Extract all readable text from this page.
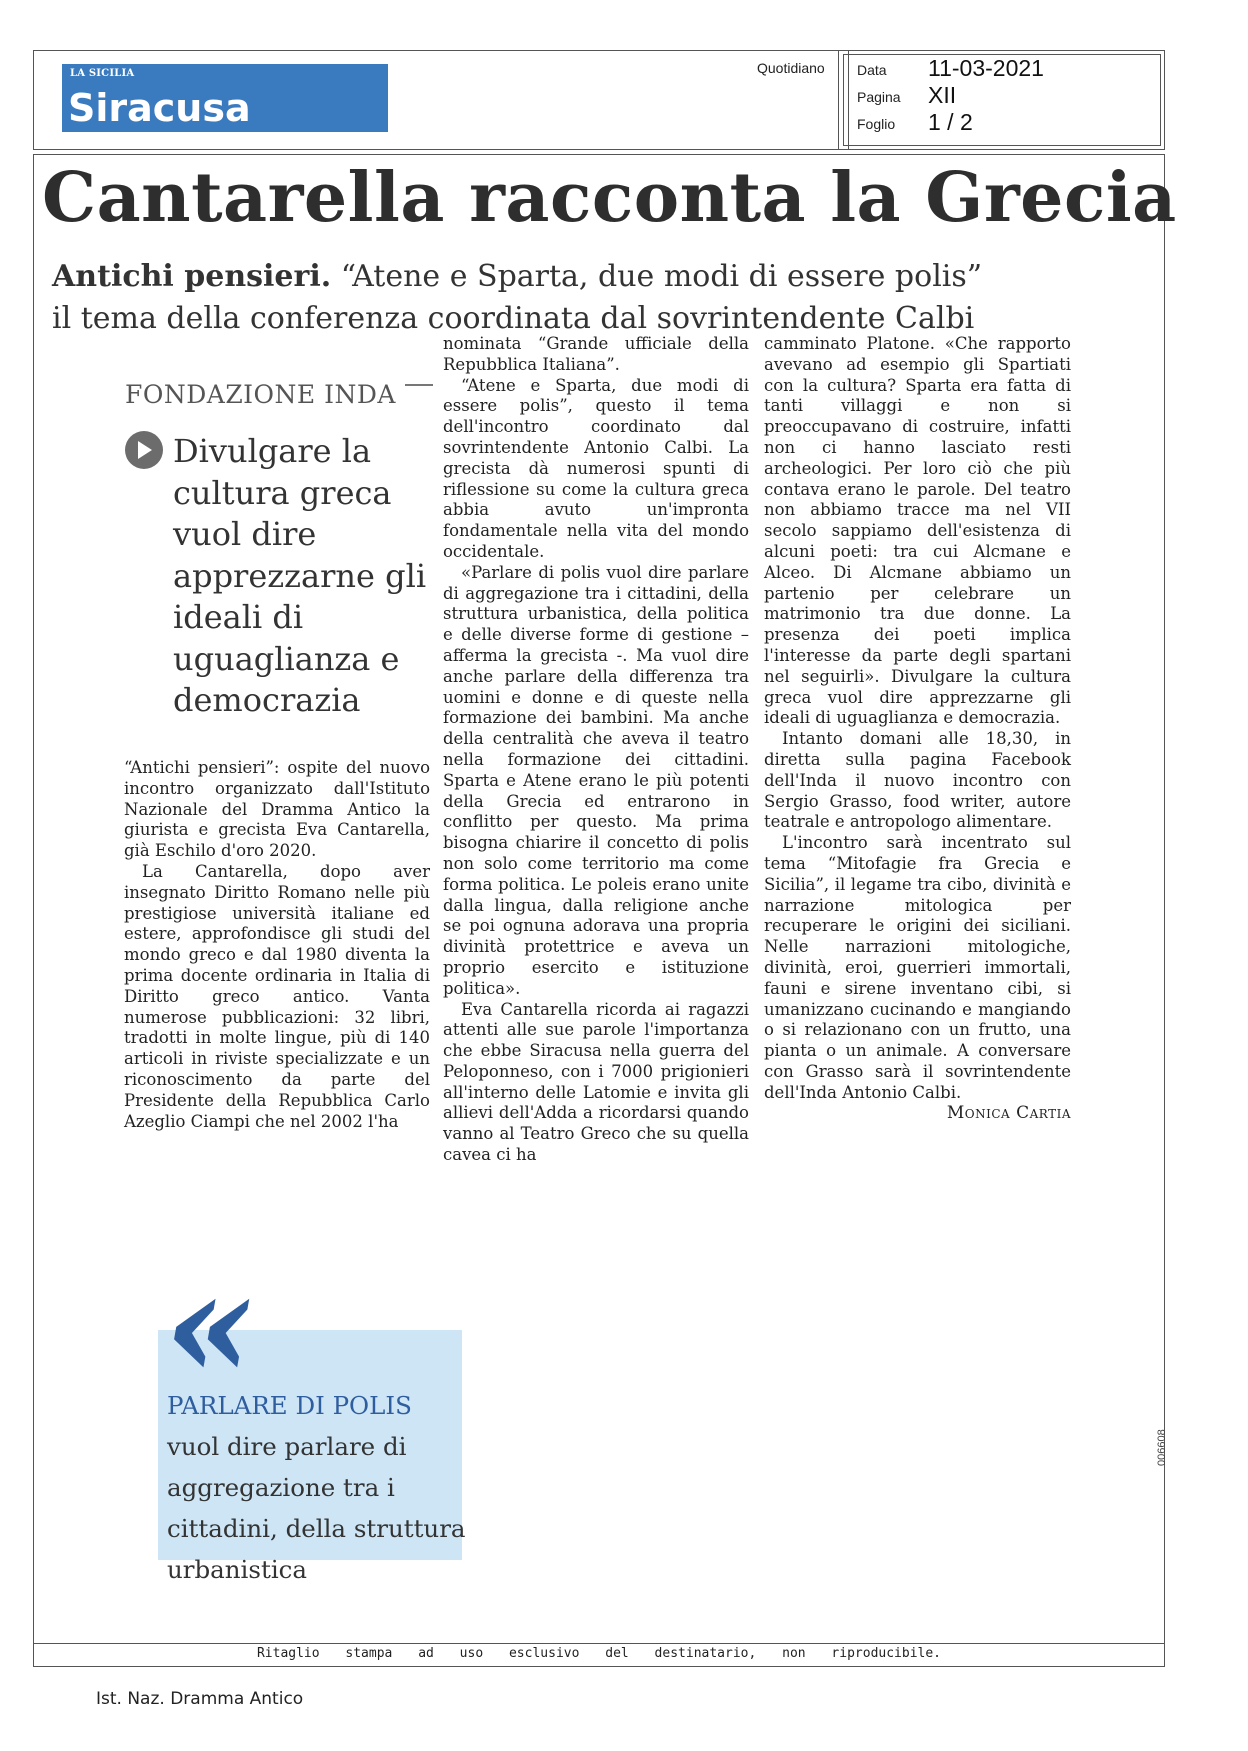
LA SICILIA
Siracusa
Quotidiano Data 11-03-2021
Pagina XII
Foglio 1 / 2
Cantarella racconta la Grecia
Antichi pensieri. “Atene e Sparta, due modi di essere polis”
il tema della conferenza coordinata dal sovrintendente Calbi
FONDAZIONE INDA
Divulgare la cultura greca vuol dire apprezzarne gli ideali di uguaglianza e democrazia

“Antichi pensieri”: ospite del nuovo incontro organizzato dall'Istituto Nazionale del Dramma Antico la giurista e grecista Eva Cantarella, già Eschilo d'oro 2020.

La Cantarella, dopo aver insegnato Diritto Romano nelle più prestigiose università italiane ed estere, approfondisce gli studi del mondo greco e dal 1980 diventa la prima docente ordinaria in Italia di Diritto greco antico. Vanta numerose pubblicazioni: 32 libri, tradotti in molte lingue, più di 140 articoli in riviste specializzate e un riconoscimento da parte del Presidente della Repubblica Carlo Azeglio Ciampi che nel 2002 l'ha

nominata “Grande ufficiale della Repubblica Italiana”.

“Atene e Sparta, due modi di essere polis”, questo il tema dell'incontro coordinato dal sovrintendente Antonio Calbi. La grecista dà numerosi spunti di riflessione su come la cultura greca abbia avuto un'impronta fondamentale nella vita del mondo occidentale.

«Parlare di polis vuol dire parlare di aggregazione tra i cittadini, della struttura urbanistica, della politica e delle diverse forme di gestione – afferma la grecista -. Ma vuol dire anche parlare della differenza tra uomini e donne e di queste nella formazione dei bambini. Ma anche della centralità che aveva il teatro nella formazione dei cittadini. Sparta e Atene erano le più potenti della Grecia ed entrarono in conflitto per questo. Ma prima bisogna chiarire il concetto di polis non solo come territorio ma come forma politica. Le poleis erano unite dalla lingua, dalla religione anche se poi ognuna adorava una propria divinità protettrice e aveva un proprio esercito e istituzione politica».

Eva Cantarella ricorda ai ragazzi attenti alle sue parole l'importanza che ebbe Siracusa nella guerra del Peloponneso, con i 7000 prigionieri all'interno delle Latomie e invita gli allievi dell'Adda a ricordarsi quando vanno al Teatro Greco che su quella cavea ci ha

camminato Platone. «Che rapporto avevano ad esempio gli Spartiati con la cultura? Sparta era fatta di tanti villaggi e non si preoccupavano di costruire, infatti non ci hanno lasciato resti archeologici. Per loro ciò che più contava erano le parole. Del teatro non abbiamo tracce ma nel VII secolo sappiamo dell'esistenza di alcuni poeti: tra cui Alcmane e Alceo. Di Alcmane abbiamo un partenio per celebrare un matrimonio tra due donne. La presenza dei poeti implica l'interesse da parte degli spartani nel seguirli». Divulgare la cultura greca vuol dire apprezzarne gli ideali di uguaglianza e democrazia.

Intanto domani alle 18,30, in diretta sulla pagina Facebook dell'Inda il nuovo incontro con Sergio Grasso, food writer, autore teatrale e antropologo alimentare.

L'incontro sarà incentrato sul tema “Mitofagie fra Grecia e Sicilia”, il legame tra cibo, divinità e narrazione mitologica per recuperare le origini dei siciliani. Nelle narrazioni mitologiche, divinità, eroi, guerrieri immortali, fauni e sirene inventano cibi, si umanizzano cucinando e mangiando o si relazionano con un frutto, una pianta o un animale. A conversare con Grasso sarà il sovrintendente dell'Inda Antonio Calbi.

Monica Cartia

«
PARLARE DI POLIS vuol dire parlare di aggregazione tra i cittadini, della struttura urbanistica
Ritaglio stampa ad uso esclusivo del destinatario, non riproducibile.
006608
Ist. Naz. Dramma Antico
